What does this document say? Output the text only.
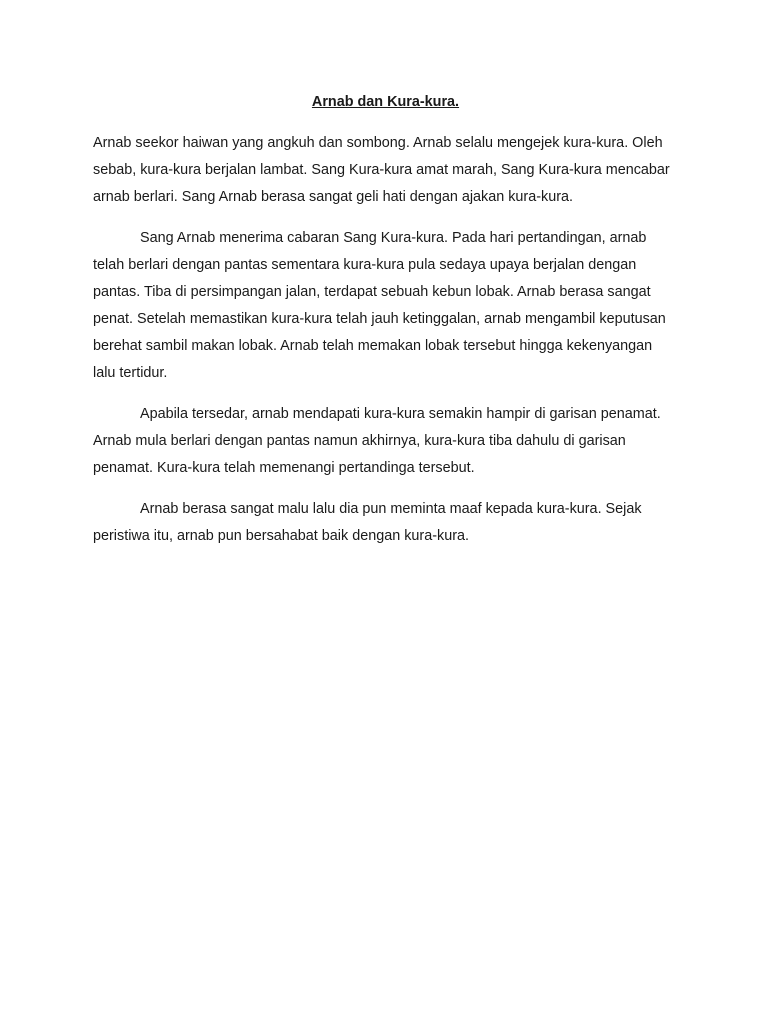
Arnab dan Kura-kura.

Arnab seekor haiwan yang angkuh dan sombong. Arnab selalu mengejek kura-kura. Oleh sebab, kura-kura berjalan lambat. Sang Kura-kura amat marah, Sang Kura-kura mencabar arnab berlari. Sang Arnab berasa sangat geli hati dengan ajakan kura-kura.

Sang Arnab menerima cabaran Sang Kura-kura. Pada hari pertandingan, arnab telah berlari dengan pantas sementara kura-kura pula sedaya upaya berjalan dengan pantas. Tiba di persimpangan jalan, terdapat sebuah kebun lobak. Arnab berasa sangat penat. Setelah memastikan kura-kura telah jauh ketinggalan, arnab mengambil keputusan berehat sambil makan lobak. Arnab telah memakan lobak tersebut hingga kekenyangan lalu tertidur.

Apabila tersedar, arnab mendapati kura-kura semakin hampir di garisan penamat. Arnab mula berlari dengan pantas namun akhirnya, kura-kura tiba dahulu di garisan penamat. Kura-kura telah memenangi pertandinga tersebut.

Arnab berasa sangat malu lalu dia pun meminta maaf kepada kura-kura. Sejak peristiwa itu, arnab pun bersahabat baik dengan kura-kura.
